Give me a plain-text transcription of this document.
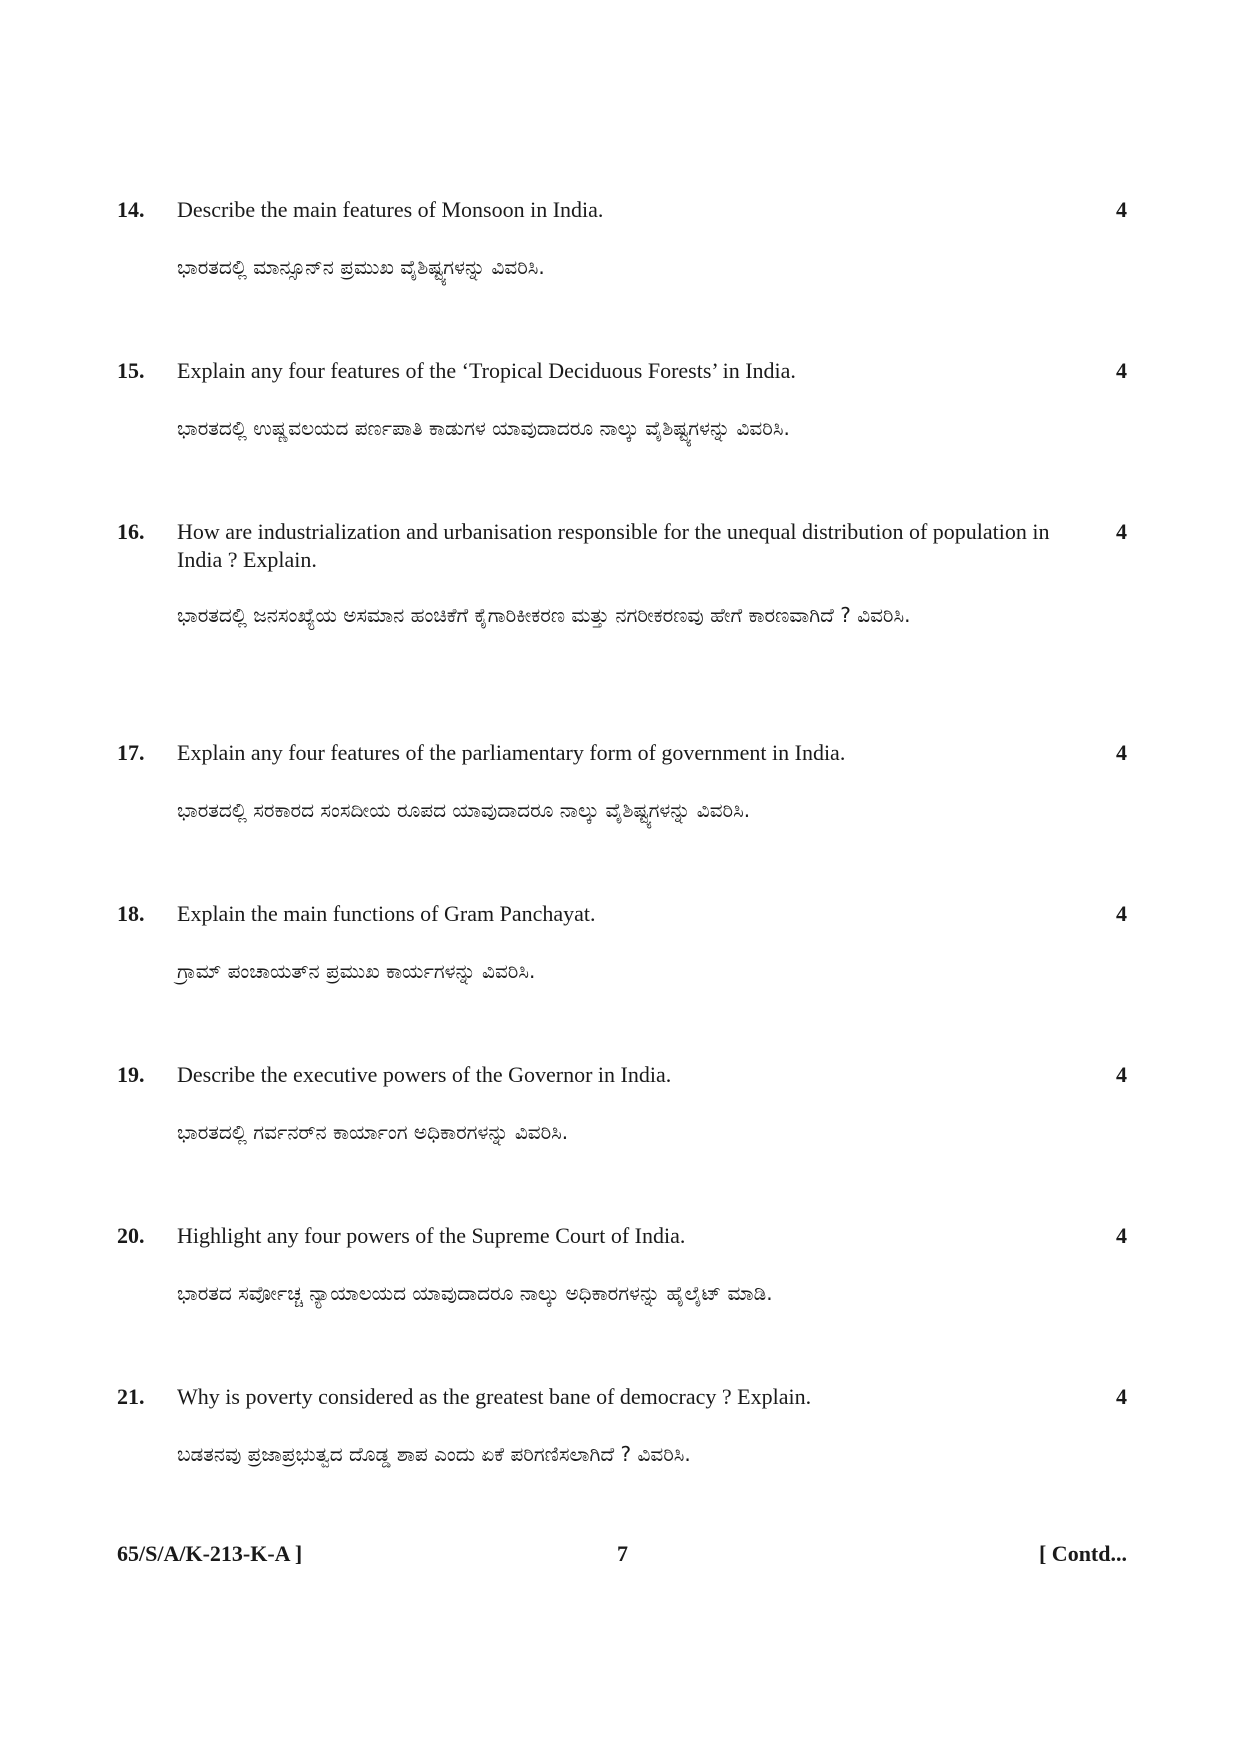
14. Describe the main features of Monsoon in India.
ಭಾರತದಲ್ಲಿ ಮಾನ್ಸೂನ್‌ನ ಪ್ರಮುಖ ವೈಶಿಷ್ಟ್ಯಗಳನ್ನು ವಿವರಿಸಿ.
4
15. Explain any four features of the ‘Tropical Deciduous Forests’ in India.
ಭಾರತದಲ್ಲಿ ಉಷ್ಣವಲಯದ ಪರ್ಣಪಾತಿ ಕಾಡುಗಳ ಯಾವುದಾದರೂ ನಾಲ್ಕು ವೈಶಿಷ್ಟ್ಯಗಳನ್ನು ವಿವರಿಸಿ.
4
16. How are industrialization and urbanisation responsible for the unequal distribution of population in India ? Explain.
ಭಾರತದಲ್ಲಿ ಜನಸಂಖ್ಯೆಯ ಅಸಮಾನ ಹಂಚಿಕೆಗೆ ಕೈಗಾರಿಕೀಕರಣ ಮತ್ತು ನಗರೀಕರಣವು ಹೇಗೆ ಕಾರಣವಾಗಿದೆ ? ವಿವರಿಸಿ.
4
17. Explain any four features of the parliamentary form of government in India.
ಭಾರತದಲ್ಲಿ ಸರಕಾರದ ಸಂಸದೀಯ ರೂಪದ ಯಾವುದಾದರೂ ನಾಲ್ಕು ವೈಶಿಷ್ಟ್ಯಗಳನ್ನು ವಿವರಿಸಿ.
4
18. Explain the main functions of Gram Panchayat.
ಗ್ರಾಮ್ ಪಂಚಾಯತ್‌ನ ಪ್ರಮುಖ ಕಾರ್ಯಗಳನ್ನು ವಿವರಿಸಿ.
4
19. Describe the executive powers of the Governor in India.
ಭಾರತದಲ್ಲಿ ಗರ್ವನರ್‌ನ ಕಾರ್ಯಾಂಗ ಅಧಿಕಾರಗಳನ್ನು ವಿವರಿಸಿ.
4
20. Highlight any four powers of the Supreme Court of India.
ಭಾರತದ ಸರ್ವೋಚ್ಚ ನ್ಯಾಯಾಲಯದ ಯಾವುದಾದರೂ ನಾಲ್ಕು ಅಧಿಕಾರಗಳನ್ನು ಹೈಲೈಟ್ ಮಾಡಿ.
4
21. Why is poverty considered as the greatest bane of democracy ? Explain.
ಬಡತನವು ಪ್ರಜಾಪ್ರಭುತ್ವದ ದೊಡ್ಡ ಶಾಪ ಎಂದು ಏಕೆ ಪರಿಗಣಿಸಲಾಗಿದೆ ? ವಿವರಿಸಿ.
4
65/S/A/K-213-K-A ]	7	[ Contd...
